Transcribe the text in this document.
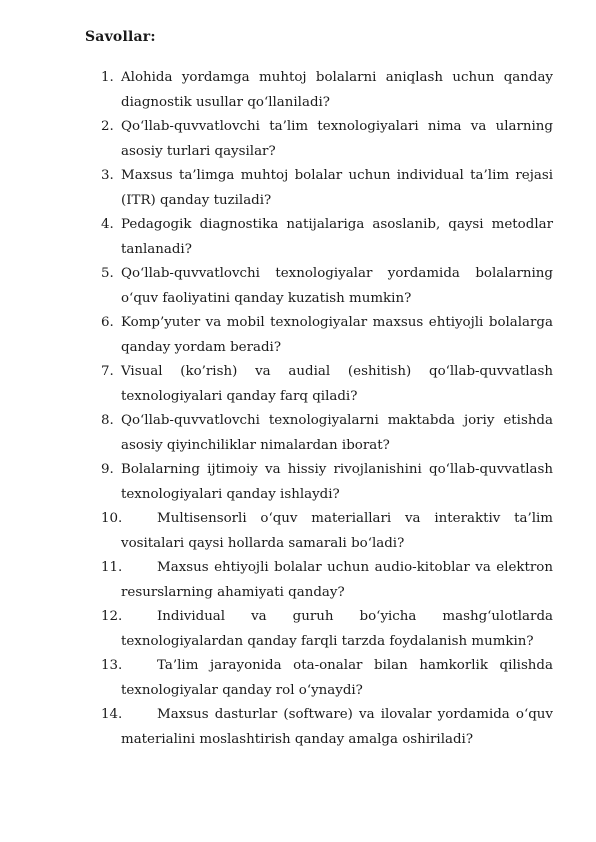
Savollar:
1. Alohida yordamga muhtoj bolalarni aniqlash uchun qanday diagnostik usullar qo‘llaniladi?
2. Qo‘llab-quvvatlovchi ta’lim texnologiyalari nima va ularning asosiy turlari qaysilar?
3. Maxsus ta’limga muhtoj bolalar uchun individual ta’lim rejasi (ITR) qanday tuziladi?
4. Pedagogik diagnostika natijalariga asoslanib, qaysi metodlar tanlanadi?
5. Qo‘llab-quvvatlovchi texnologiyalar yordamida bolalarning o‘quv faoliyatini qanday kuzatish mumkin?
6. Komp’yuter va mobil texnologiyalar maxsus ehtiyojli bolalarga qanday yordam beradi?
7. Visual (ko’rish) va audial (eshitish) qo‘llab-quvvatlash texnologiyalari qanday farq qiladi?
8. Qo‘llab-quvvatlovchi texnologiyalarni maktabda joriy etishda asosiy qiyinchiliklar nimalardan iborat?
9. Bolalarning ijtimoiy va hissiy rivojlanishini qo‘llab-quvvatlash texnologiyalari qanday ishlaydi?
10.	Multisensorli o‘quv materiallari va interaktiv ta’lim vositalari qaysi hollarda samarali bo‘ladi?
11.	Maxsus ehtiyojli bolalar uchun audio-kitoblar va elektron resurslarning ahamiyati qanday?
12.	Individual va guruh bo‘yicha mashg‘ulotlarda texnologiyalardan qanday farqli tarzda foydalanish mumkin?
13.	Ta’lim jarayonida ota-onalar bilan hamkorlik qilishda texnologiyalar qanday rol o‘ynaydi?
14.	Maxsus dasturlar (software) va ilovalar yordamida o‘quv materialini moslashtirish qanday amalga oshiriladi?
